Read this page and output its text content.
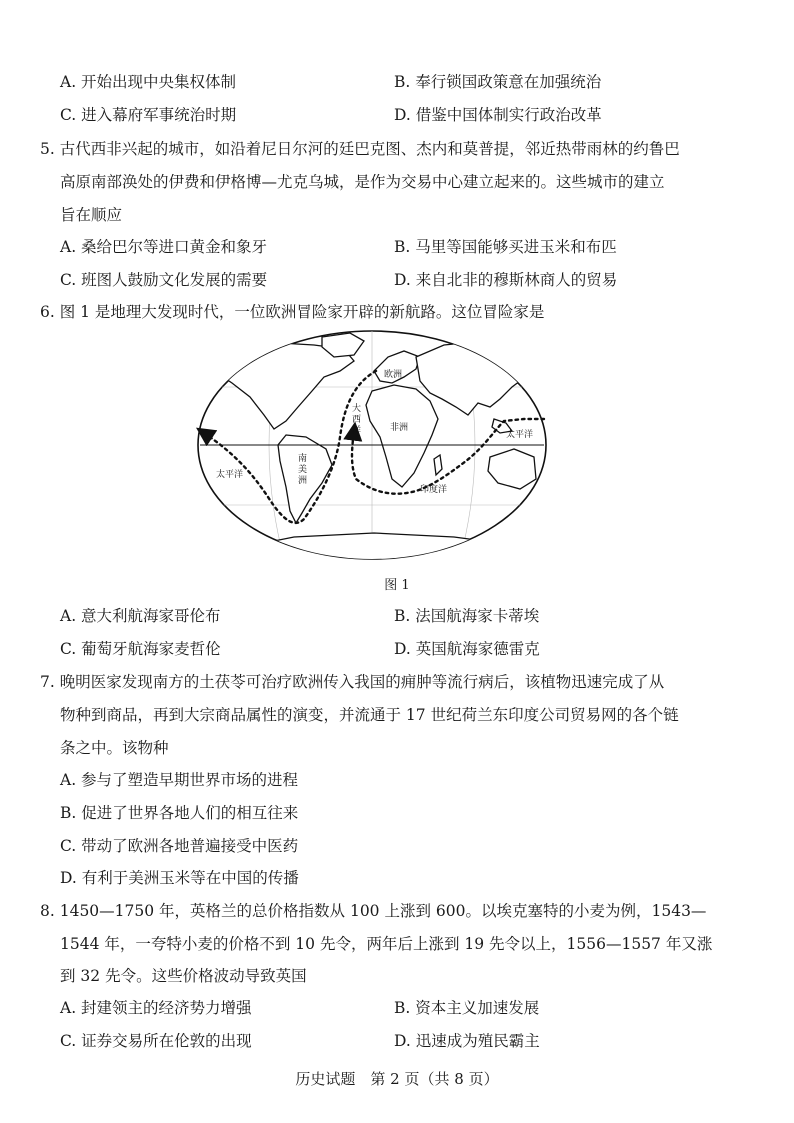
A. 开始出现中央集权体制	B. 奉行锁国政策意在加强统治
C. 进入幕府军事统治时期	D. 借鉴中国体制实行政治改革
5. 古代西非兴起的城市，如沿着尼日尔河的廷巴克图、杰内和莫普提，邻近热带雨林的约鲁巴
高原南部涣处的伊费和伊格博—尤克乌城，是作为交易中心建立起来的。这些城市的建立
旨在顺应
A. 桑给巴尔等进口黄金和象牙	B. 马里等国能够买进玉米和布匹
C. 班图人鼓励文化发展的需要	D. 来自北非的穆斯林商人的贸易
6. 图 1 是地理大发现时代，一位欧洲冒险家开辟的新航路。这位冒险家是
欧洲
非洲
大
西
洋
南
美
洲
太平洋
太平洋
印度洋
图 1
A. 意大利航海家哥伦布	B. 法国航海家卡蒂埃
C. 葡萄牙航海家麦哲伦	D. 英国航海家德雷克
7. 晚明医家发现南方的土茯苓可治疗欧洲传入我国的痈肿等流行病后，该植物迅速完成了从
物种到商品，再到大宗商品属性的演变，并流通于 17 世纪荷兰东印度公司贸易网的各个链
条之中。该物种
A. 参与了塑造早期世界市场的进程
B. 促进了世界各地人们的相互往来
C. 带动了欧洲各地普遍接受中医药
D. 有利于美洲玉米等在中国的传播
8. 1450—1750 年，英格兰的总价格指数从 100 上涨到 600。以埃克塞特的小麦为例，1543—
1544 年，一夸特小麦的价格不到 10 先令，两年后上涨到 19 先令以上，1556—1557 年又涨
到 32 先令。这些价格波动导致英国
A. 封建领主的经济势力增强	B. 资本主义加速发展
C. 证券交易所在伦敦的出现	D. 迅速成为殖民霸主
历史试题　第 2 页（共 8 页）
